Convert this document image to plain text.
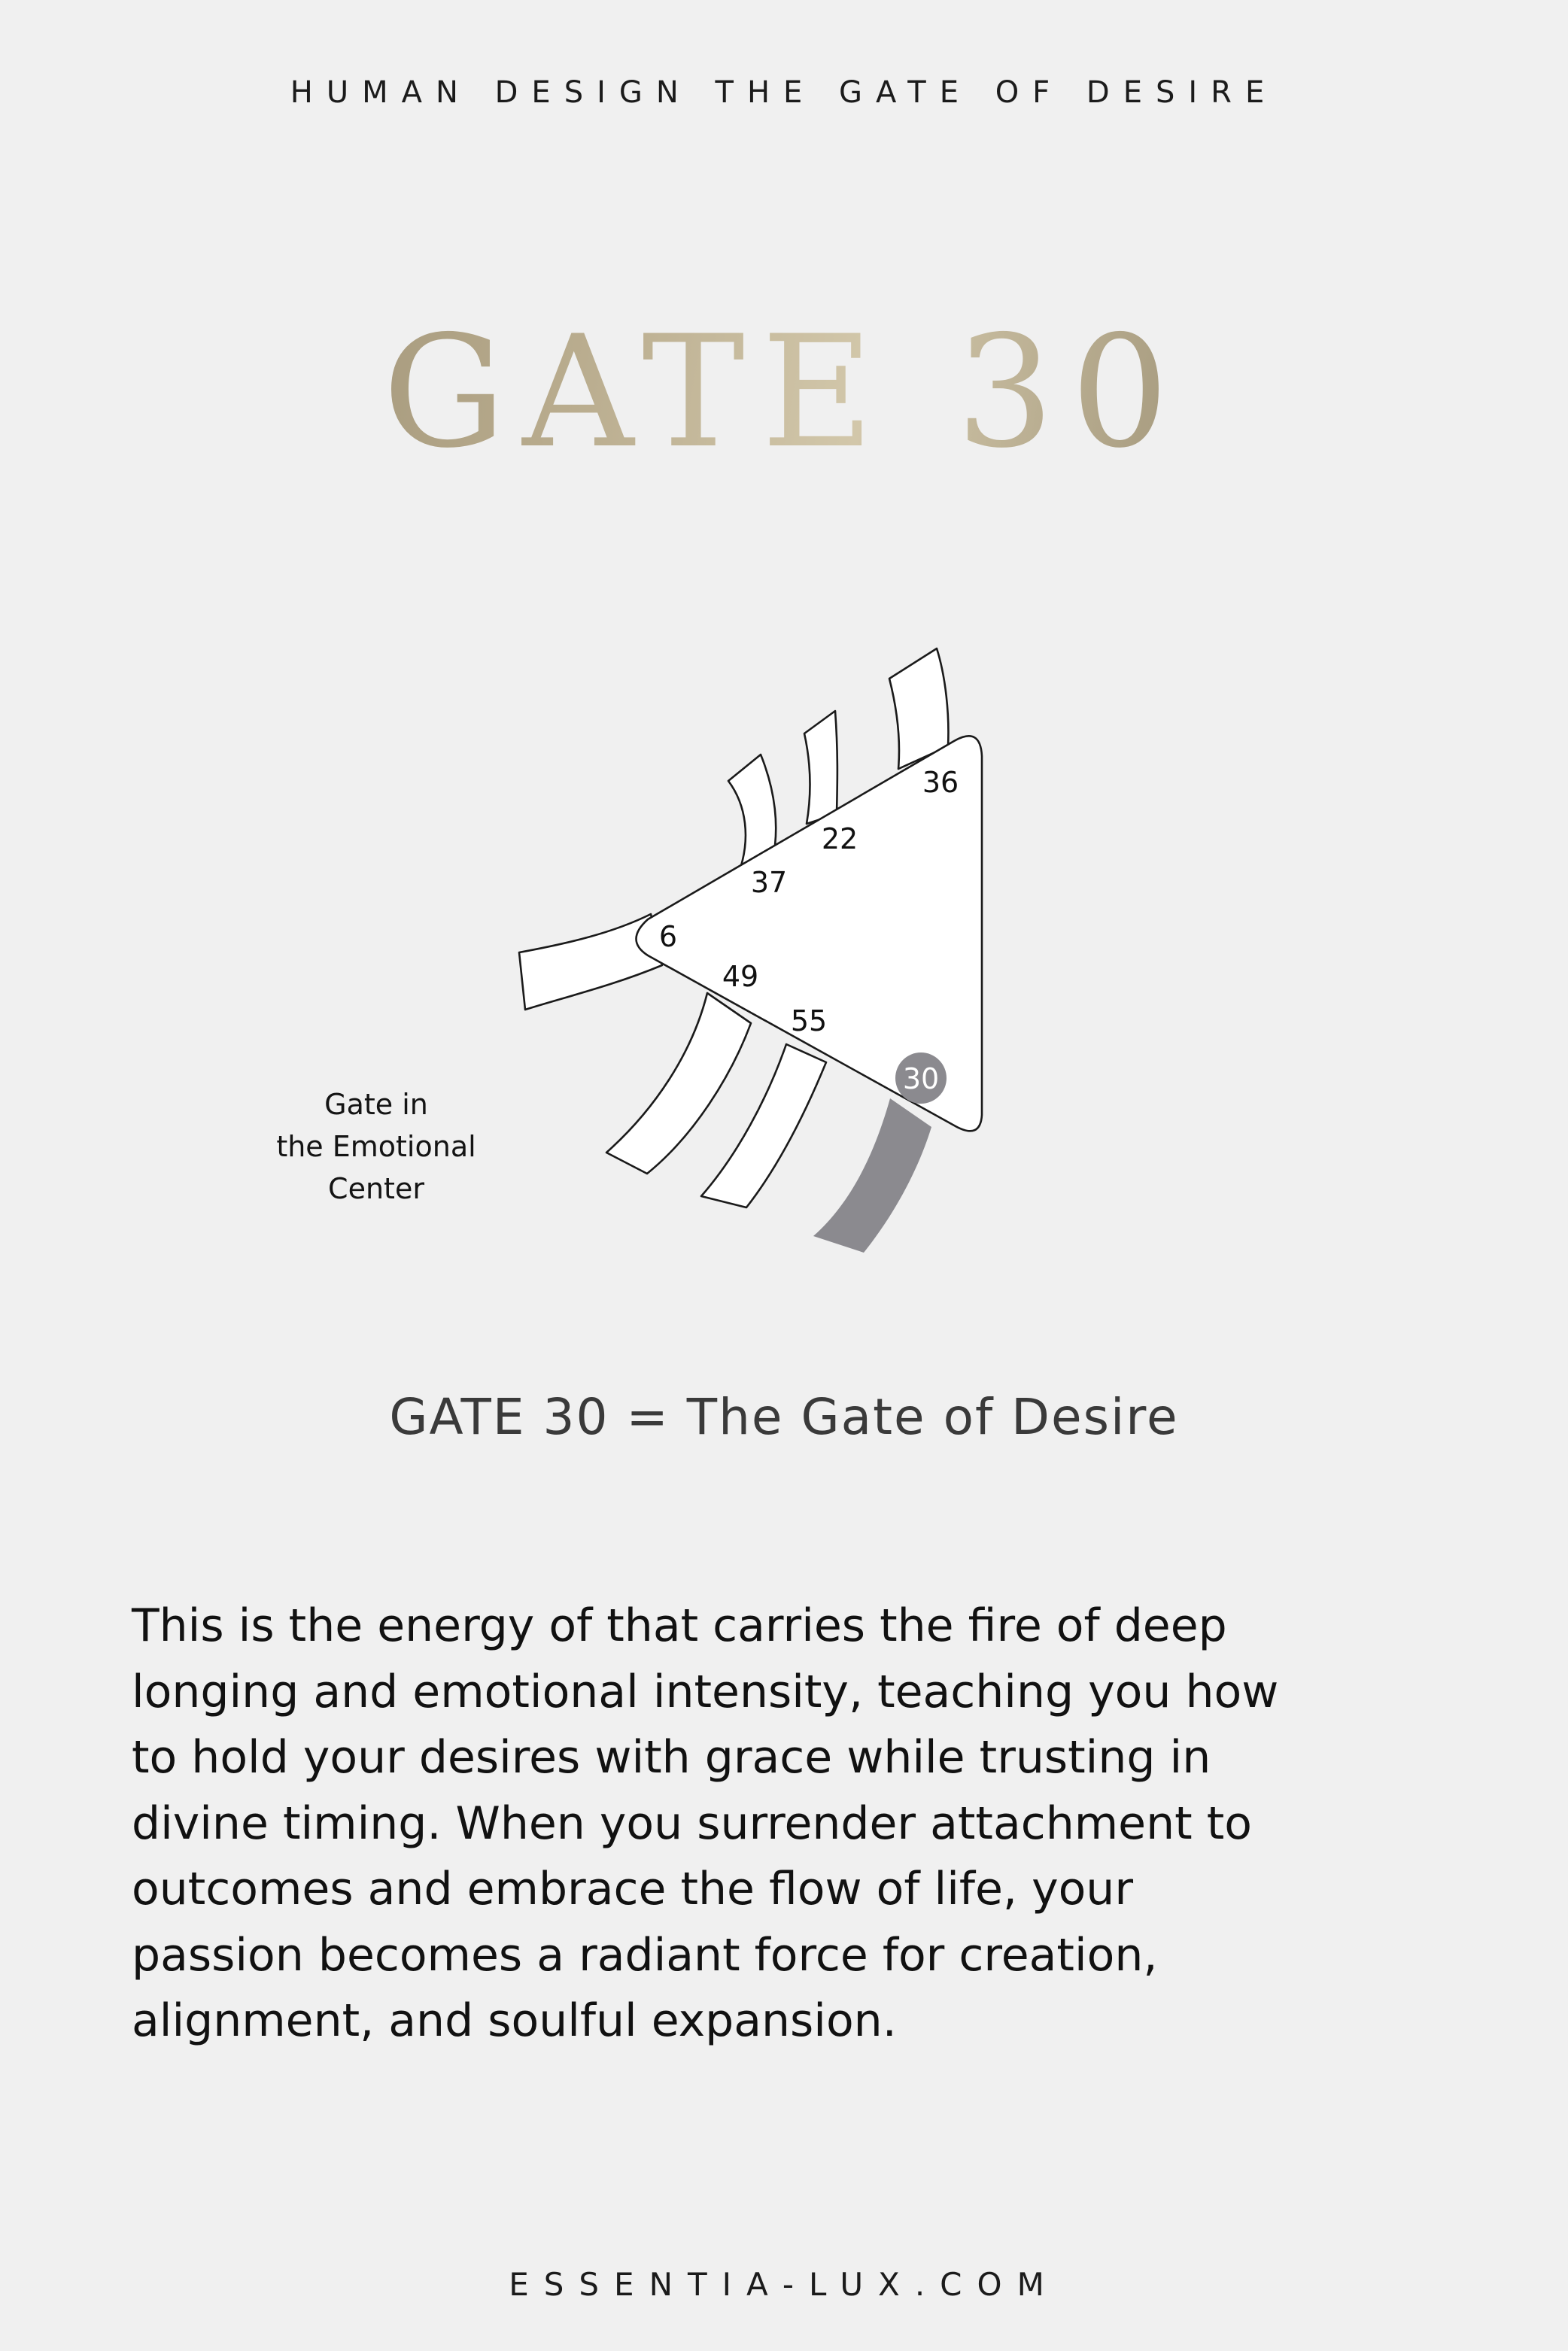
HUMAN DESIGN THE GATE OF DESIRE
GATE 30
36
22
37
6
49
55
30
Gate in
the Emotional
Center
GATE 30 = The Gate of Desire
This is the energy of that carries the fire of deep
longing and emotional intensity, teaching you how
to hold your desires with grace while trusting in
divine timing. When you surrender attachment to
outcomes and embrace the flow of life, your
passion becomes a radiant force for creation,
alignment, and soulful expansion.
ESSENTIA-LUX.COM
